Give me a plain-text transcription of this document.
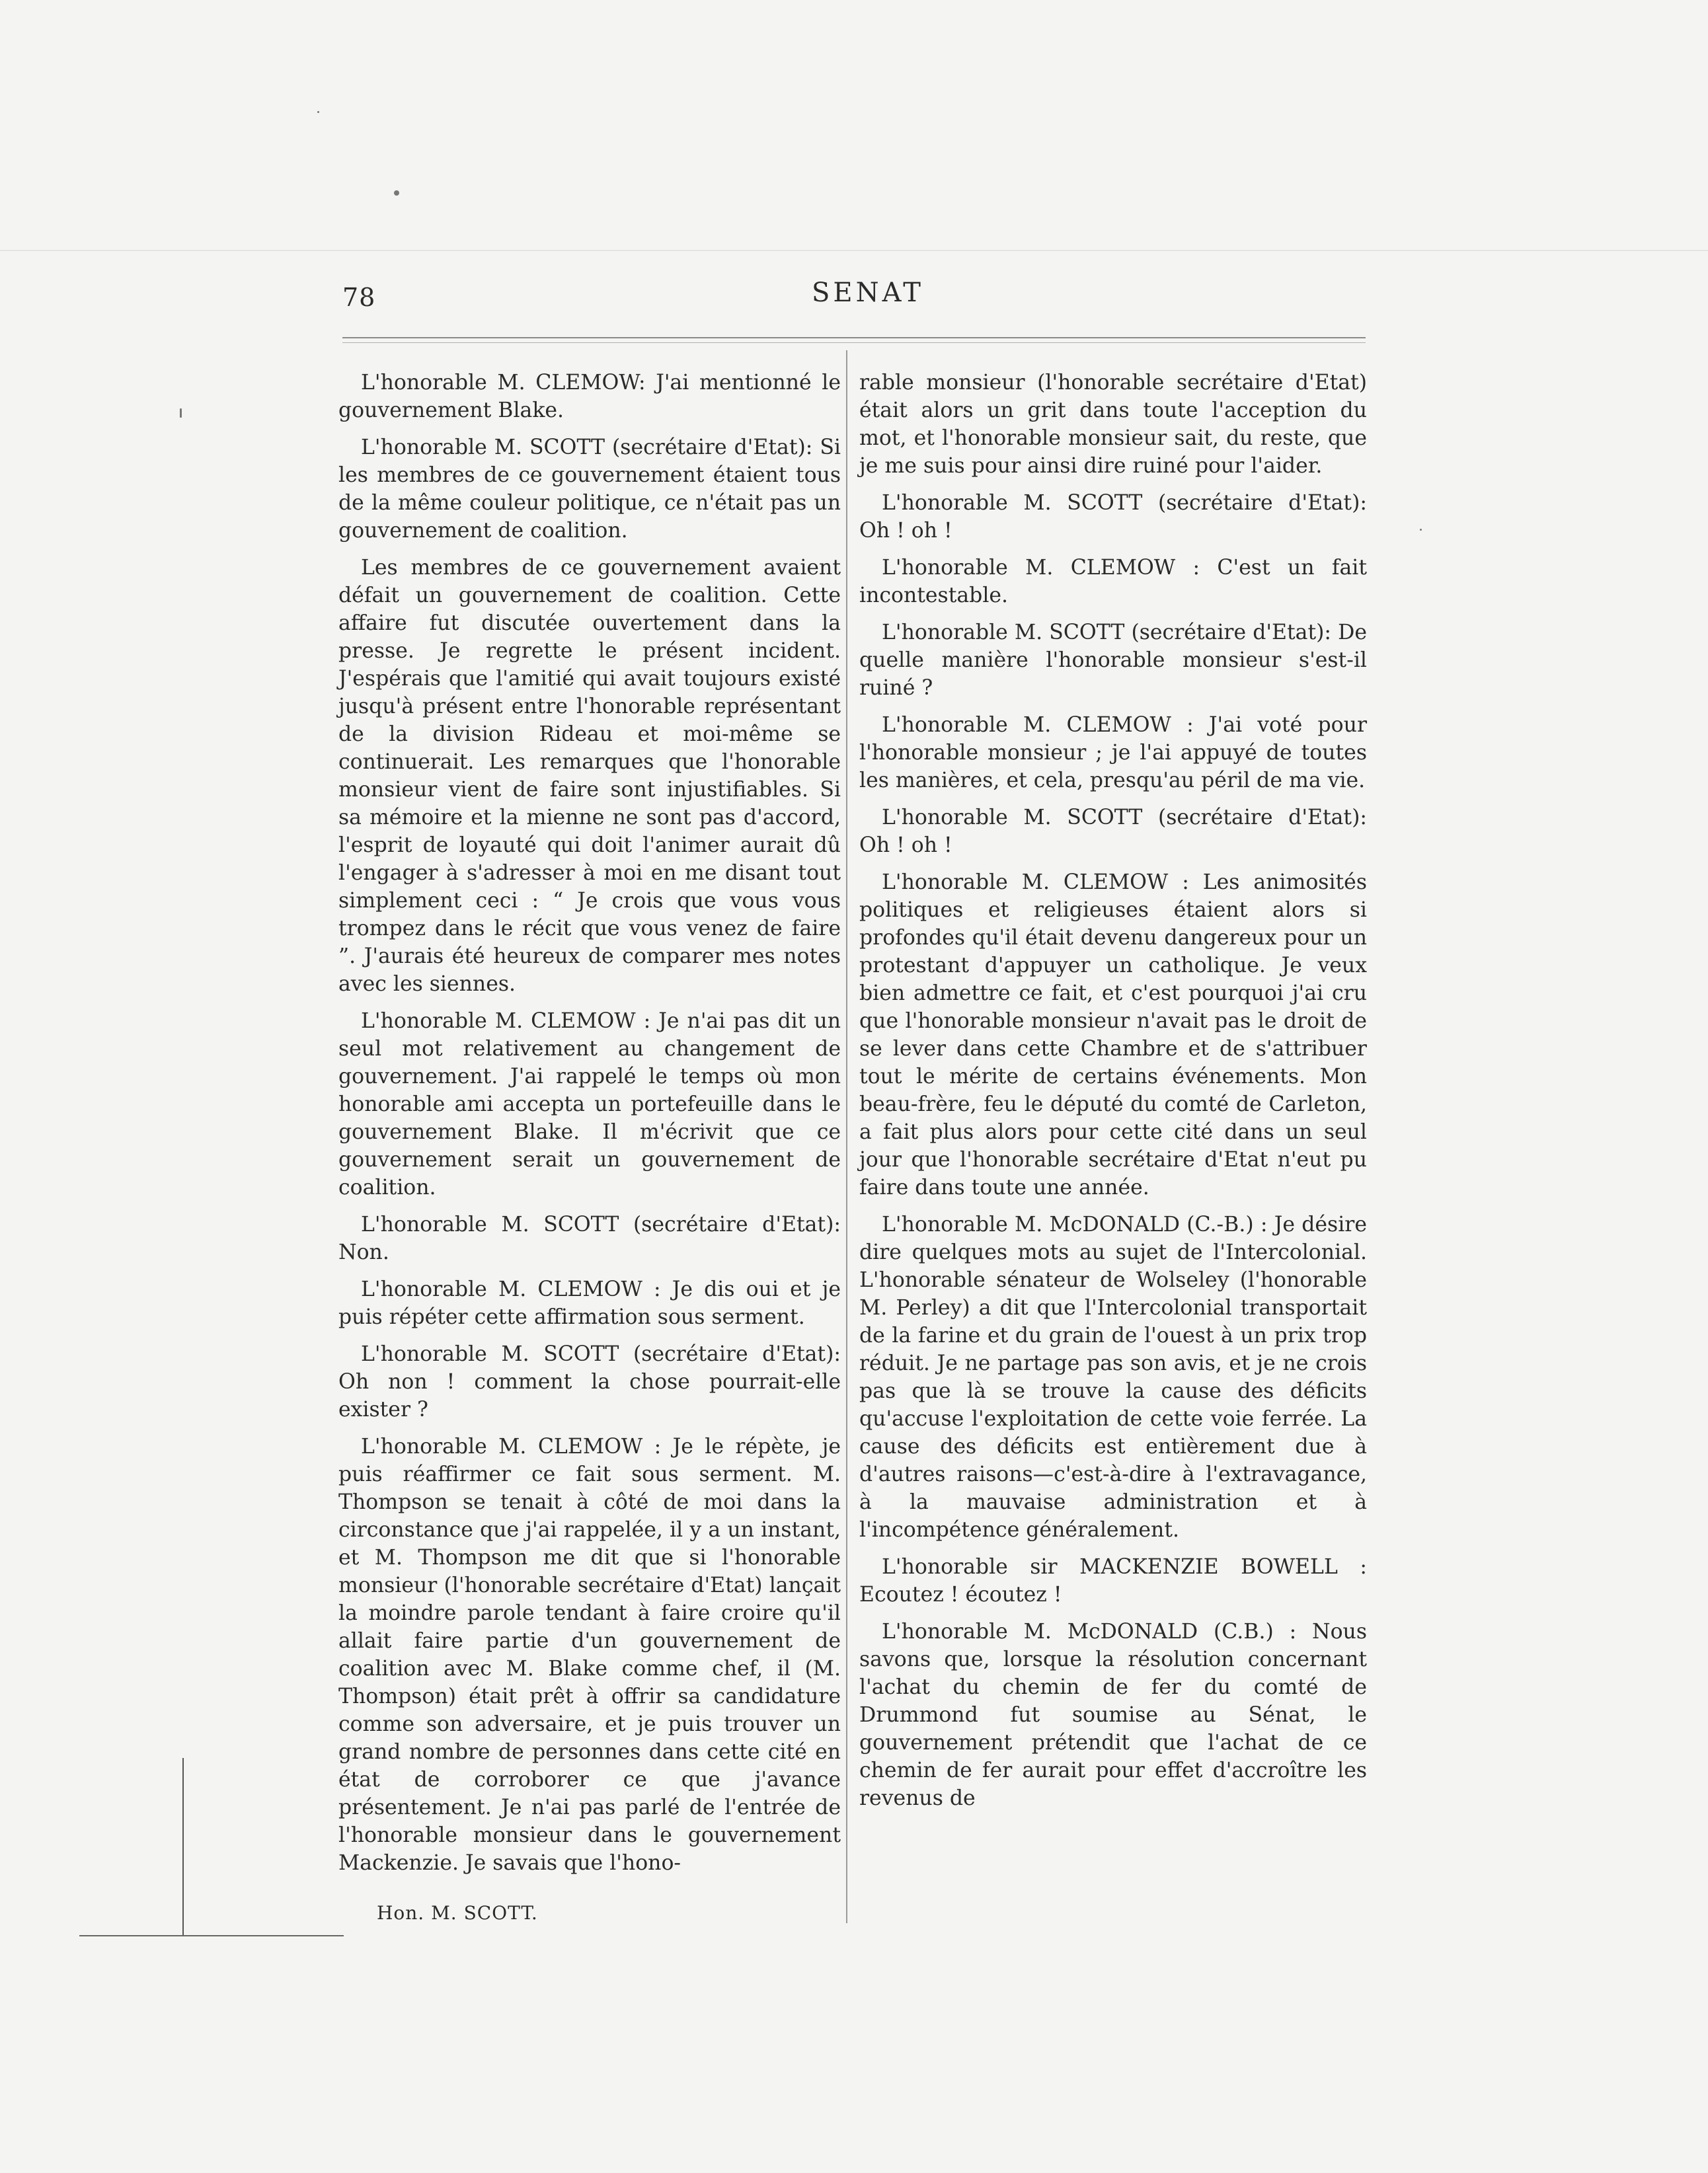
78	SENAT

L'honorable M. CLEMOW: J'ai mentionné le gouvernement Blake.

L'honorable M. SCOTT (secrétaire d'Etat): Si les membres de ce gouvernement étaient tous de la même couleur politique, ce n'était pas un gouvernement de coalition.

Les membres de ce gouvernement avaient défait un gouvernement de coalition. Cette affaire fut discutée ouvertement dans la presse. Je regrette le présent incident. J'espérais que l'amitié qui avait toujours existé jusqu'à présent entre l'honorable représentant de la division Rideau et moi-même se continuerait. Les remarques que l'honorable monsieur vient de faire sont injustifiables. Si sa mémoire et la mienne ne sont pas d'accord, l'esprit de loyauté qui doit l'animer aurait dû l'engager à s'adresser à moi en me disant tout simplement ceci : “ Je crois que vous vous trompez dans le récit que vous venez de faire ”. J'aurais été heureux de comparer mes notes avec les siennes.

L'honorable M. CLEMOW : Je n'ai pas dit un seul mot relativement au changement de gouvernement. J'ai rappelé le temps où mon honorable ami accepta un portefeuille dans le gouvernement Blake. Il m'écrivit que ce gouvernement serait un gouvernement de coalition.

L'honorable M. SCOTT (secrétaire d'Etat): Non.

L'honorable M. CLEMOW : Je dis oui et je puis répéter cette affirmation sous serment.

L'honorable M. SCOTT (secrétaire d'Etat): Oh non ! comment la chose pourrait-elle exister ?

L'honorable M. CLEMOW : Je le répète, je puis réaffirmer ce fait sous serment. M. Thompson se tenait à côté de moi dans la circonstance que j'ai rappelée, il y a un instant, et M. Thompson me dit que si l'honorable monsieur (l'honorable secrétaire d'Etat) lançait la moindre parole tendant à faire croire qu'il allait faire partie d'un gouvernement de coalition avec M. Blake comme chef, il (M. Thompson) était prêt à offrir sa candidature comme son adversaire, et je puis trouver un grand nombre de personnes dans cette cité en état de corroborer ce que j'avance présentement. Je n'ai pas parlé de l'entrée de l'honorable monsieur dans le gouvernement Mackenzie. Je savais que l'hono-

rable monsieur (l'honorable secrétaire d'Etat) était alors un grit dans toute l'acception du mot, et l'honorable monsieur sait, du reste, que je me suis pour ainsi dire ruiné pour l'aider.

L'honorable M. SCOTT (secrétaire d'Etat): Oh ! oh !

L'honorable M. CLEMOW : C'est un fait incontestable.

L'honorable M. SCOTT (secrétaire d'Etat): De quelle manière l'honorable monsieur s'est-il ruiné ?

L'honorable M. CLEMOW : J'ai voté pour l'honorable monsieur ; je l'ai appuyé de toutes les manières, et cela, presqu'au péril de ma vie.

L'honorable M. SCOTT (secrétaire d'Etat): Oh ! oh !

L'honorable M. CLEMOW : Les animosités politiques et religieuses étaient alors si profondes qu'il était devenu dangereux pour un protestant d'appuyer un catholique. Je veux bien admettre ce fait, et c'est pourquoi j'ai cru que l'honorable monsieur n'avait pas le droit de se lever dans cette Chambre et de s'attribuer tout le mérite de certains événements. Mon beau-frère, feu le député du comté de Carleton, a fait plus alors pour cette cité dans un seul jour que l'honorable secrétaire d'Etat n'eut pu faire dans toute une année.

L'honorable M. McDONALD (C.-B.) : Je désire dire quelques mots au sujet de l'Intercolonial. L'honorable sénateur de Wolseley (l'honorable M. Perley) a dit que l'Intercolonial transportait de la farine et du grain de l'ouest à un prix trop réduit. Je ne partage pas son avis, et je ne crois pas que là se trouve la cause des déficits qu'accuse l'exploitation de cette voie ferrée. La cause des déficits est entièrement due à d'autres raisons—c'est-à-dire à l'extravagance, à la mauvaise administration et à l'incompétence généralement.

L'honorable sir MACKENZIE BOWELL : Ecoutez ! écoutez !

L'honorable M. McDONALD (C.B.) : Nous savons que, lorsque la résolution concernant l'achat du chemin de fer du comté de Drummond fut soumise au Sénat, le gouvernement prétendit que l'achat de ce chemin de fer aurait pour effet d'accroître les revenus de

Hon. M. SCOTT.
